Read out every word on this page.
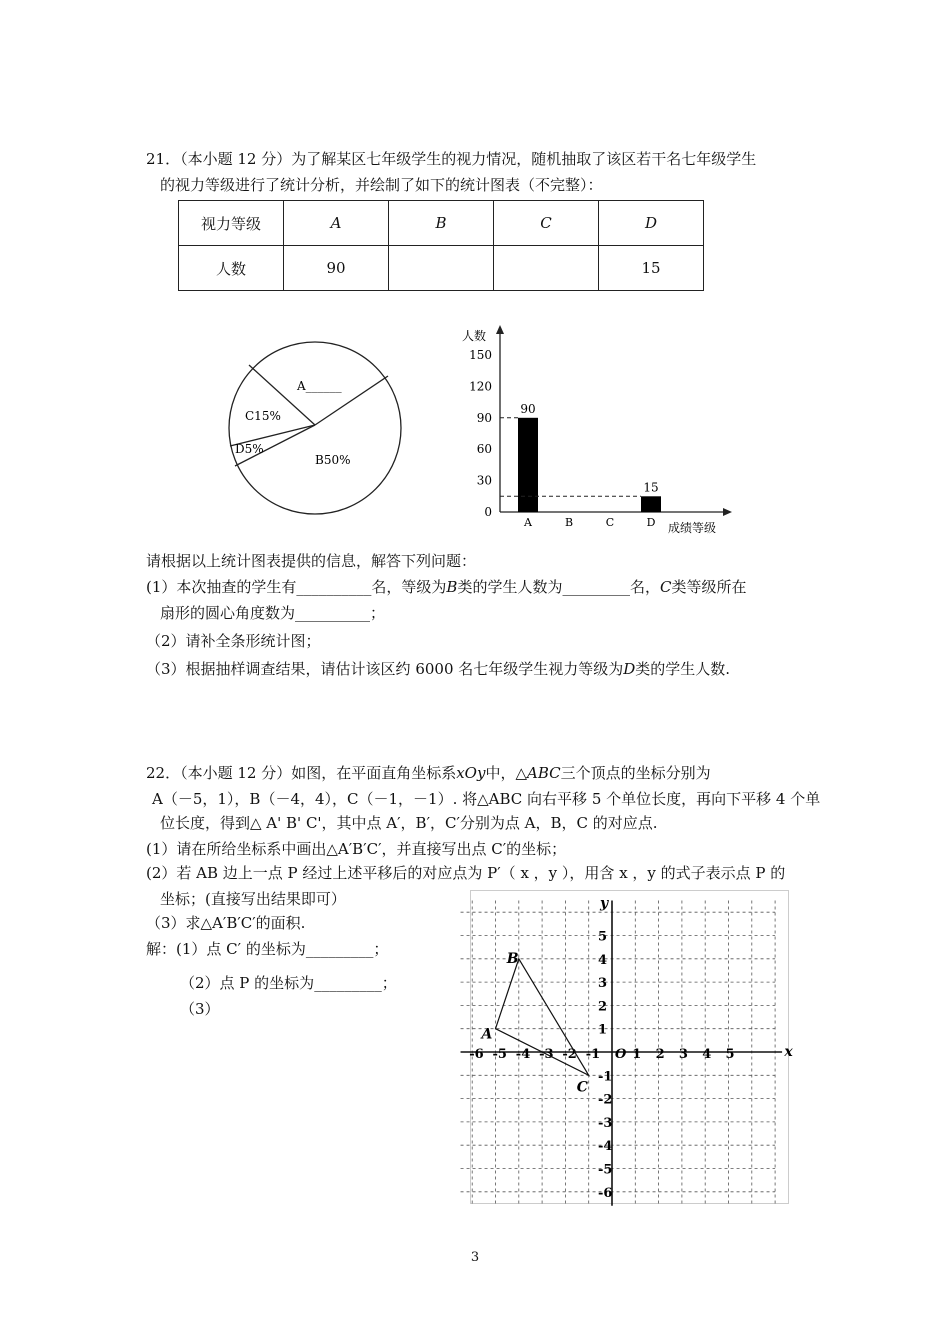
21．（本小题 12 分）为了解某区七年级学生的视力情况，随机抽取了该区若干名七年级学生
的视力等级进行了统计分析，并绘制了如下的统计图表（不完整）：
视力等级	A	B	C	D
人数	90			15
A______
C15%
D5%
B50%
人数
成绩等级
0
30
60
90
120
150
A
90
B	C	D
15
请根据以上统计图表提供的信息，解答下列问题：
(1）本次抽查的学生有__________名，等级为B类的学生人数为_________名，C类等级所在
扇形的圆心角度数为__________；
（2）请补全条形统计图；
（3）根据抽样调查结果，请估计该区约 6000 名七年级学生视力等级为D类的学生人数.
22．（本小题 12 分）如图，在平面直角坐标系xOy中，△ABC三个顶点的坐标分别为
A（－5，1），B（－4，4），C（－1，－1）. 将△ABC 向右平移 5 个单位长度，再向下平移 4 个单
位长度，得到△ A' B' C'，其中点 A′，B′，C′分别为点 A，B，C 的对应点.
(1）请在所给坐标系中画出△A′B′C′，并直接写出点 C′的坐标；
(2）若 AB 边上一点 P 经过上述平移后的对应点为 P′（ x ，y ），用含 x ，y 的式子表示点 P 的
坐标；(直接写出结果即可）
（3）求△A′B′C′的面积.
解：(1）点 C′ 的坐标为_________；
（2）点 P 的坐标为_________；
（3）
x
y
-6 -5 -4 -3 -2 -1 O 1 2 3 4 5
5
4
3
2
1
-1
-2
-3
-4
-5
-6
A
B
C
3
